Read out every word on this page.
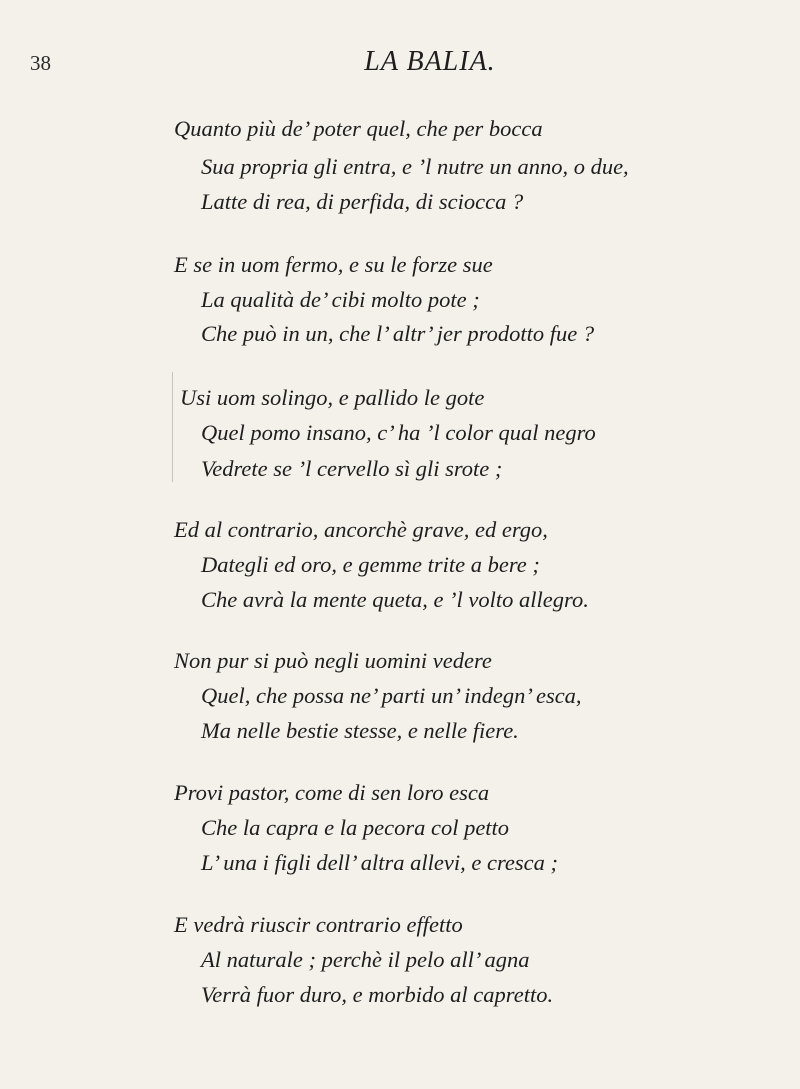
38	LA BALIA.
Quanto più de’ poter quel, che per bocca
Sua propria gli entra, e ’l nutre un anno, o due,
Latte di rea, di perfida, di sciocca ?
E se in uom fermo, e su le forze sue
La qualità de’ cibi molto pote ;
Che può in un, che l’ altr’ jer prodotto fue ?
Usi uom solingo, e pallido le gote
Quel pomo insano, c’ ha ’l color qual negro
Vedrete se ’l cervello sì gli srote ;
Ed al contrario, ancorchè grave, ed ergo,
Dategli ed oro, e gemme trite a bere ;
Che avrà la mente queta, e ’l volto allegro.
Non pur si può negli uomini vedere
Quel, che possa ne’ parti un’ indegn’ esca,
Ma nelle bestie stesse, e nelle fiere.
Provi pastor, come di sen loro esca
Che la capra e la pecora col petto
L’ una i figli dell’ altra allevi, e cresca ;
E vedrà riuscir contrario effetto
Al naturale ; perchè il pelo all’ agna
Verrà fuor duro, e morbido al capretto.
